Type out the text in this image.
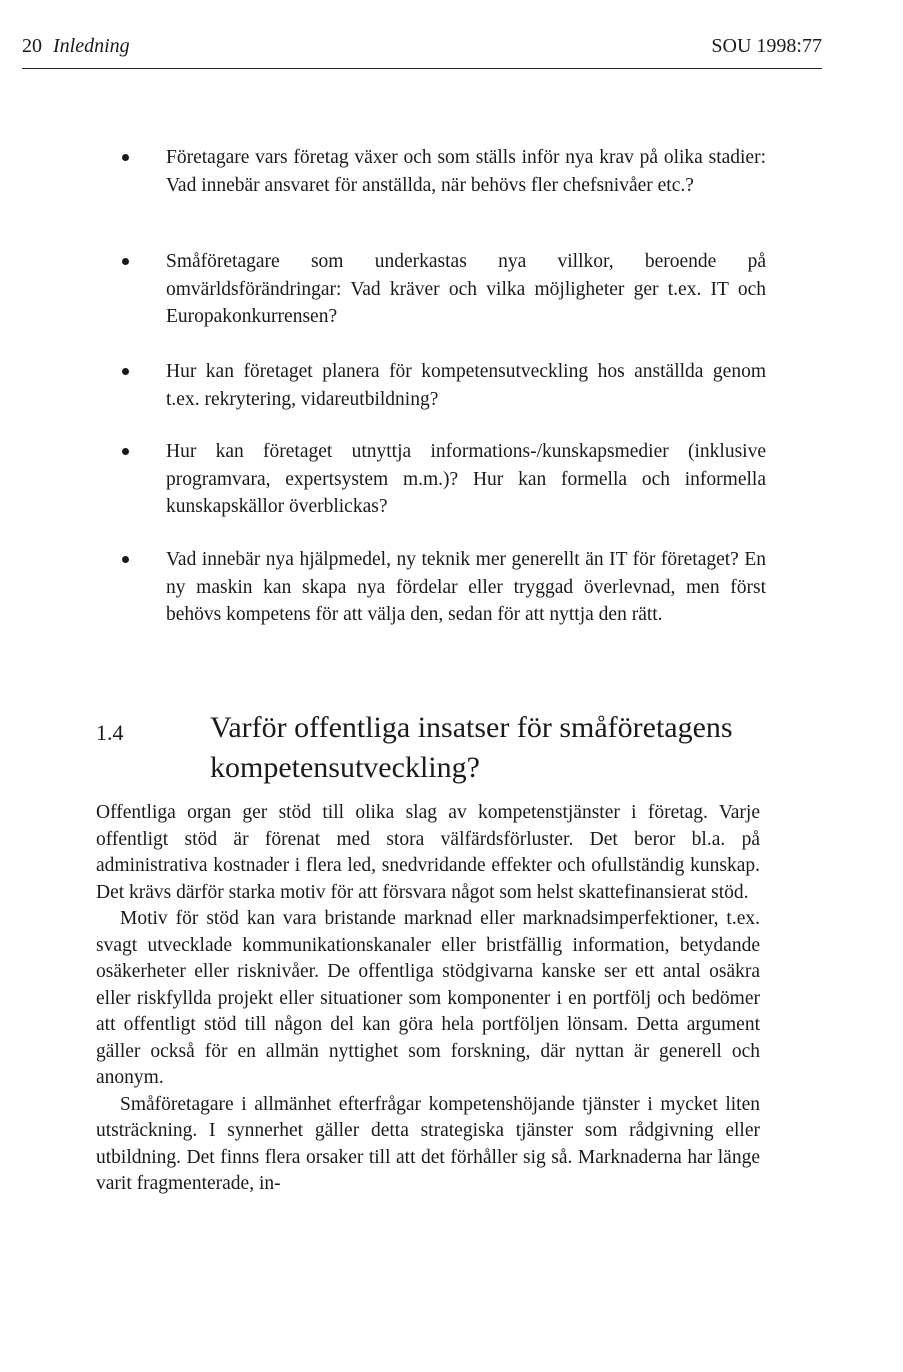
20 Inledning	SOU 1998:77
Företagare vars företag växer och som ställs inför nya krav på olika stadier: Vad innebär ansvaret för anställda, när behövs fler chefsnivåer etc.?
Småföretagare som underkastas nya villkor, beroende på omvärldsförändringar: Vad kräver och vilka möjligheter ger t.ex. IT och Europakonkurrensen?
Hur kan företaget planera för kompetensutveckling hos anställda genom t.ex. rekrytering, vidareutbildning?
Hur kan företaget utnyttja informations-/kunskapsmedier (inklusive programvara, expertsystem m.m.)? Hur kan formella och informella kunskapskällor överblickas?
Vad innebär nya hjälpmedel, ny teknik mer generellt än IT för företaget? En ny maskin kan skapa nya fördelar eller tryggad överlevnad, men först behövs kompetens för att välja den, sedan för att nyttja den rätt.
1.4	Varför offentliga insatser för småföretagens kompetensutveckling?

Offentliga organ ger stöd till olika slag av kompetenstjänster i företag. Varje offentligt stöd är förenat med stora välfärdsförluster. Det beror bl.a. på administrativa kostnader i flera led, snedvridande effekter och ofullständig kunskap. Det krävs därför starka motiv för att försvara något som helst skattefinansierat stöd.

Motiv för stöd kan vara bristande marknad eller marknadsimperfektioner, t.ex. svagt utvecklade kommunikationskanaler eller bristfällig information, betydande osäkerheter eller risknivåer. De offentliga stödgivarna kanske ser ett antal osäkra eller riskfyllda projekt eller situationer som komponenter i en portfölj och bedömer att offentligt stöd till någon del kan göra hela portföljen lönsam. Detta argument gäller också för en allmän nyttighet som forskning, där nyttan är generell och anonym.

Småföretagare i allmänhet efterfrågar kompetenshöjande tjänster i mycket liten utsträckning. I synnerhet gäller detta strategiska tjänster som rådgivning eller utbildning. Det finns flera orsaker till att det förhåller sig så. Marknaderna har länge varit fragmenterade, in-
